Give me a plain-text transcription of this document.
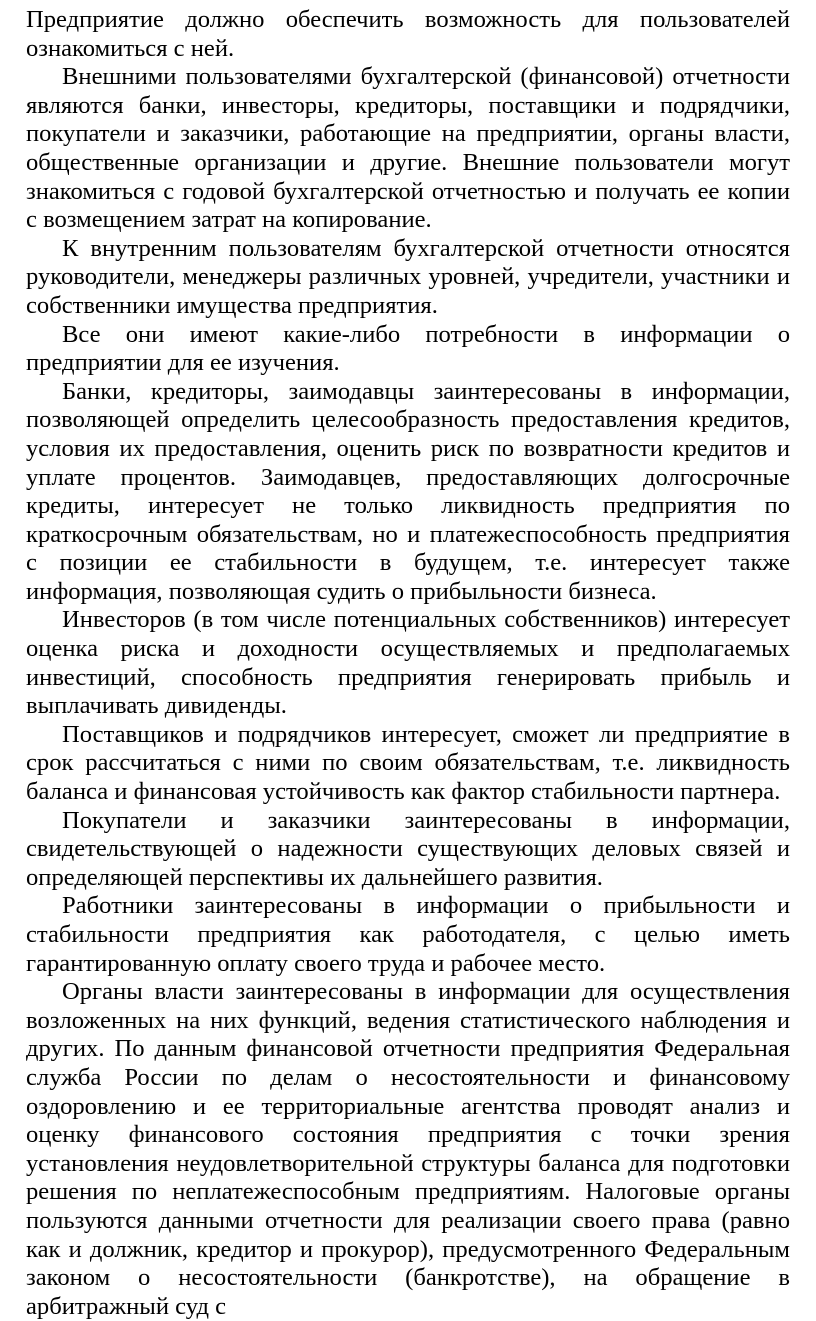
Предприятие должно обеспечить возможность для пользователей ознакомиться с ней.

Внешними пользователями бухгалтерской (финансовой) отчетности являются банки, инвесторы, кредиторы, поставщики и подрядчики, покупатели и заказчики, работающие на предприятии, органы власти, общественные организации и другие. Внешние пользователи могут знакомиться с годовой бухгалтерской отчетностью и получать ее копии с возмещением затрат на копирование.

К внутренним пользователям бухгалтерской отчетности относятся руководители, менеджеры различных уровней, учредители, участники и собственники имущества предприятия.

Все они имеют какие-либо потребности в информации о предприятии для ее изучения.

Банки, кредиторы, заимодавцы заинтересованы в информации, позволяющей определить целесообразность предоставления кредитов, условия их предоставления, оценить риск по возвратности кредитов и уплате процентов. Заимодавцев, предоставляющих долгосрочные кредиты, интересует не только ликвидность предприятия по краткосрочным обязательствам, но и платежеспособность предприятия с позиции ее стабильности в будущем, т.е. интересует также информация, позволяющая судить о прибыльности бизнеса.

Инвесторов (в том числе потенциальных собственников) интересует оценка риска и доходности осуществляемых и предполагаемых инвестиций, способность предприятия генерировать прибыль и выплачивать дивиденды.

Поставщиков и подрядчиков интересует, сможет ли предприятие в срок рассчитаться с ними по своим обязательствам, т.е. ликвидность баланса и финансовая устойчивость как фактор стабильности партнера.

Покупатели и заказчики заинтересованы в информации, свидетельствующей о надежности существующих деловых связей и определяющей перспективы их дальнейшего развития.

Работники заинтересованы в информации о прибыльности и стабильности предприятия как работодателя, с целью иметь гарантированную оплату своего труда и рабочее место.

Органы власти заинтересованы в информации для осуществления возложенных на них функций, ведения статистического наблюдения и других. По данным финансовой отчетности предприятия Федеральная служба России по делам о несостоятельности и финансовому оздоровлению и ее территориальные агентства проводят анализ и оценку финансового состояния предприятия с точки зрения установления неудовлетворительной структуры баланса для подготовки решения по неплатежеспособным предприятиям. Налоговые органы пользуются данными отчетности для реализации своего права (равно как и должник, кредитор и прокурор), предусмотренного Федеральным законом о несостоятельности (банкротстве), на обращение в арбитражный суд с
